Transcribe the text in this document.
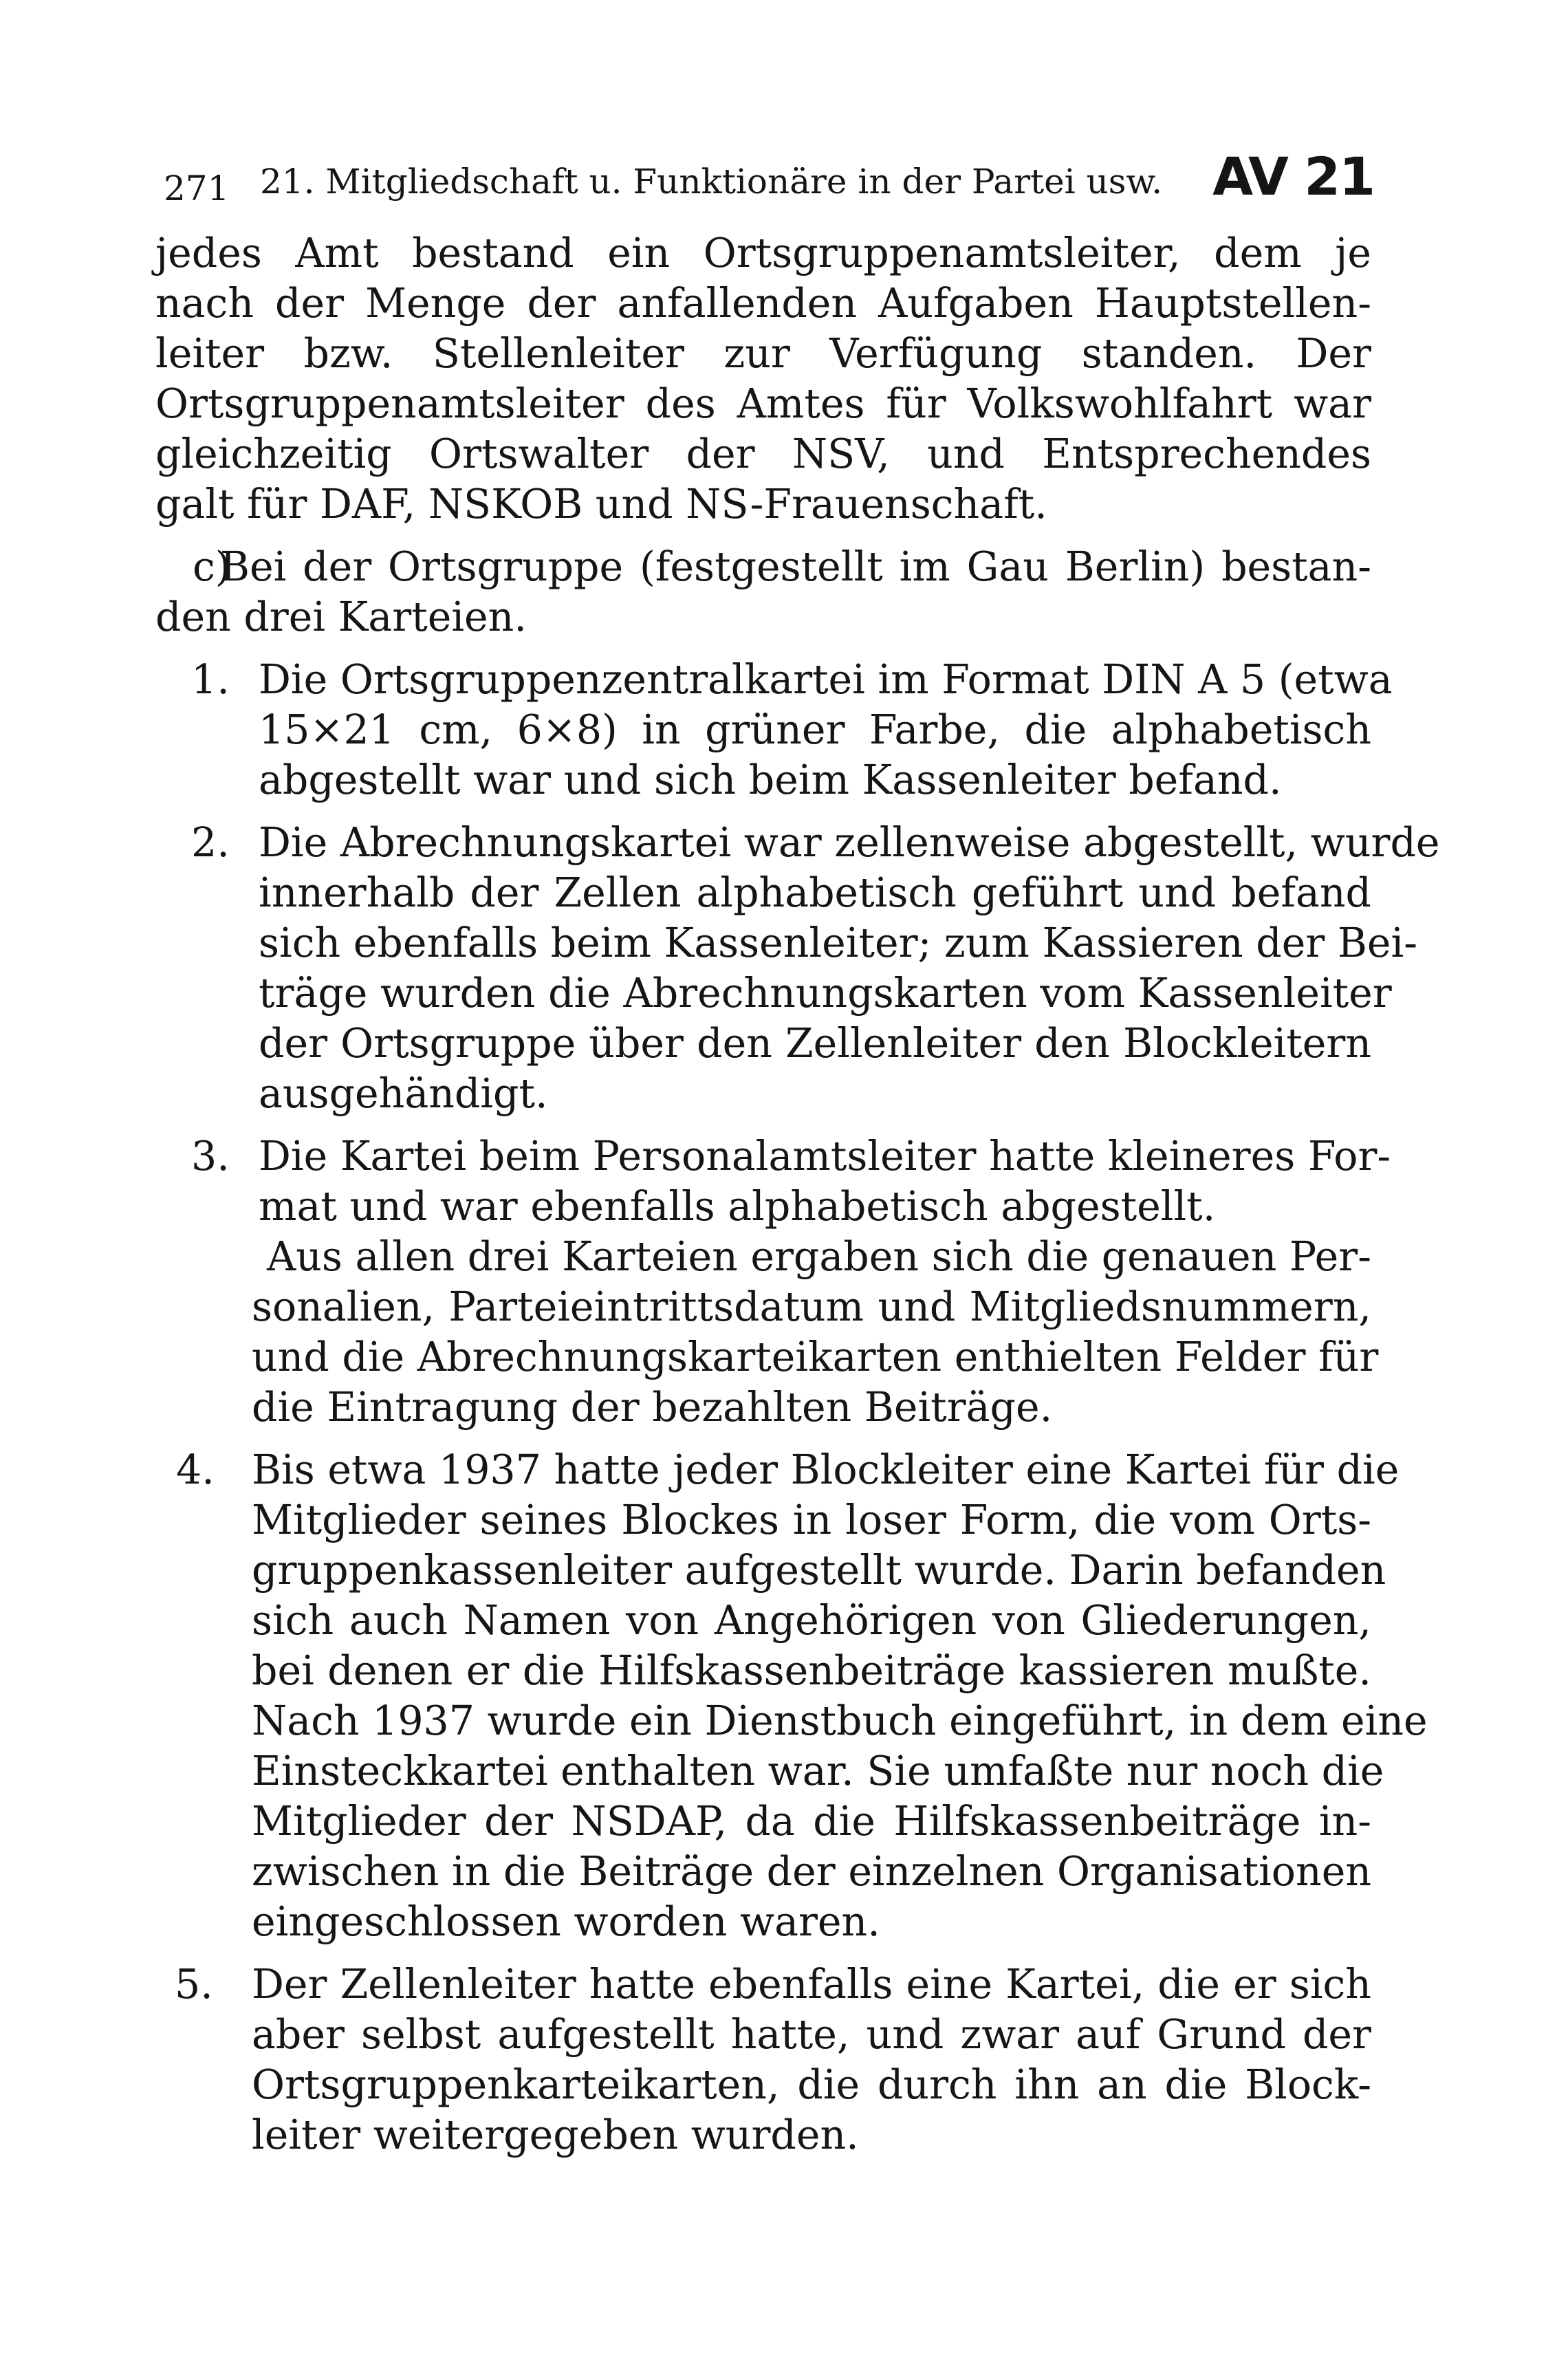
271 21. Mitgliedschaft u. Funktionäre in der Partei usw. AV 21
jedes Amt bestand ein Ortsgruppenamtsleiter, dem je
nach der Menge der anfallenden Aufgaben Hauptstellen-
leiter bzw. Stellenleiter zur Verfügung standen. Der
Ortsgruppenamtsleiter des Amtes für Volkswohlfahrt war
gleichzeitig Ortswalter der NSV, und Entsprechendes
galt für DAF, NSKOB und NS-Frauenschaft.
c)
Bei der Ortsgruppe (festgestellt im Gau Berlin) bestan-
den drei Karteien.
1. Die Ortsgruppenzentralkartei im Format DIN A 5 (etwa
15×21 cm, 6×8) in grüner Farbe, die alphabetisch
abgestellt war und sich beim Kassenleiter befand.
2. Die Abrechnungskartei war zellenweise abgestellt, wurde
innerhalb der Zellen alphabetisch geführt und befand
sich ebenfalls beim Kassenleiter; zum Kassieren der Bei-
träge wurden die Abrechnungskarten vom Kassenleiter
der Ortsgruppe über den Zellenleiter den Blockleitern
ausgehändigt.
3. Die Kartei beim Personalamtsleiter hatte kleineres For-
mat und war ebenfalls alphabetisch abgestellt.
Aus allen drei Karteien ergaben sich die genauen Per-
sonalien, Parteieintrittsdatum und Mitgliedsnummern,
und die Abrechnungskarteikarten enthielten Felder für
die Eintragung der bezahlten Beiträge.
4. Bis etwa 1937 hatte jeder Blockleiter eine Kartei für die
Mitglieder seines Blockes in loser Form, die vom Orts-
gruppenkassenleiter aufgestellt wurde. Darin befanden
sich auch Namen von Angehörigen von Gliederungen,
bei denen er die Hilfskassenbeiträge kassieren mußte.
Nach 1937 wurde ein Dienstbuch eingeführt, in dem eine
Einsteckkartei enthalten war. Sie umfaßte nur noch die
Mitglieder der NSDAP, da die Hilfskassenbeiträge in-
zwischen in die Beiträge der einzelnen Organisationen
eingeschlossen worden waren.
5. Der Zellenleiter hatte ebenfalls eine Kartei, die er sich
aber selbst aufgestellt hatte, und zwar auf Grund der
Ortsgruppenkarteikarten, die durch ihn an die Block-
leiter weitergegeben wurden.
